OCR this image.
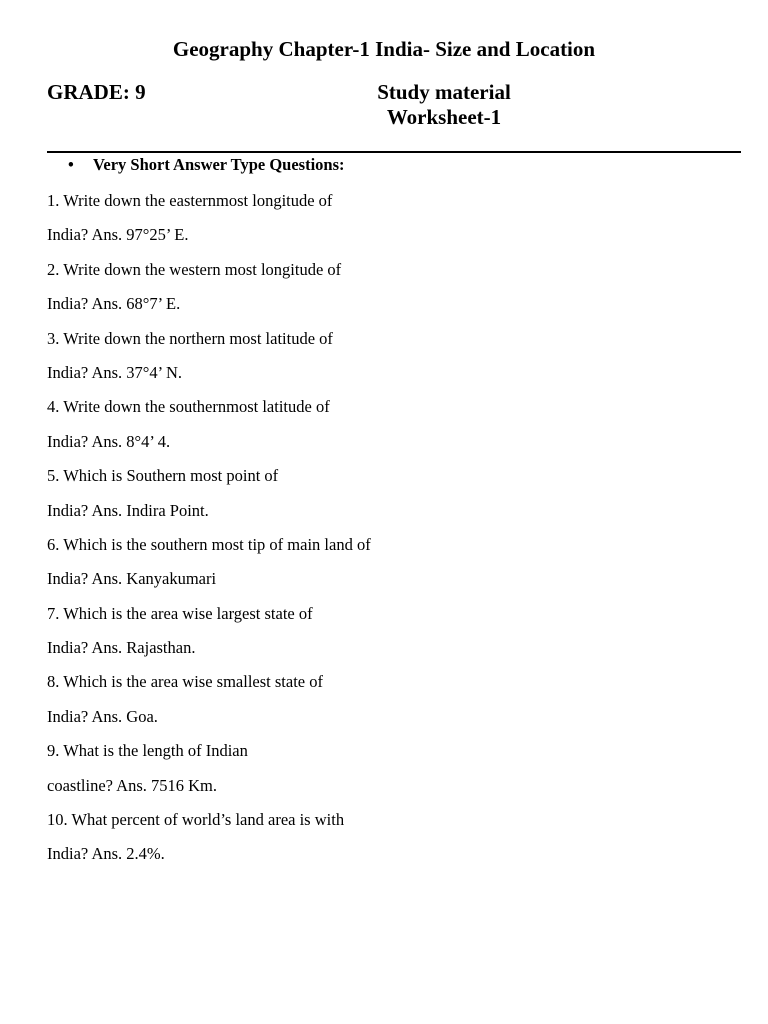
Geography Chapter-1 India- Size and Location
GRADE: 9	Study material
Worksheet-1
• Very Short Answer Type Questions:
1. Write down the easternmost longitude of
India? Ans. 97°25’ E.
2. Write down the western most longitude of
India? Ans. 68°7’ E.
3. Write down the northern most latitude of
India? Ans. 37°4’ N.
4. Write down the southernmost latitude of
India? Ans. 8°4’ 4.
5. Which is Southern most point of
India? Ans. Indira Point.
6. Which is the southern most tip of main land of
India? Ans. Kanyakumari
7. Which is the area wise largest state of
India? Ans. Rajasthan.
8. Which is the area wise smallest state of
India? Ans. Goa.
9. What is the length of Indian
coastline? Ans. 7516 Km.
10. What percent of world’s land area is with
India? Ans. 2.4%.
